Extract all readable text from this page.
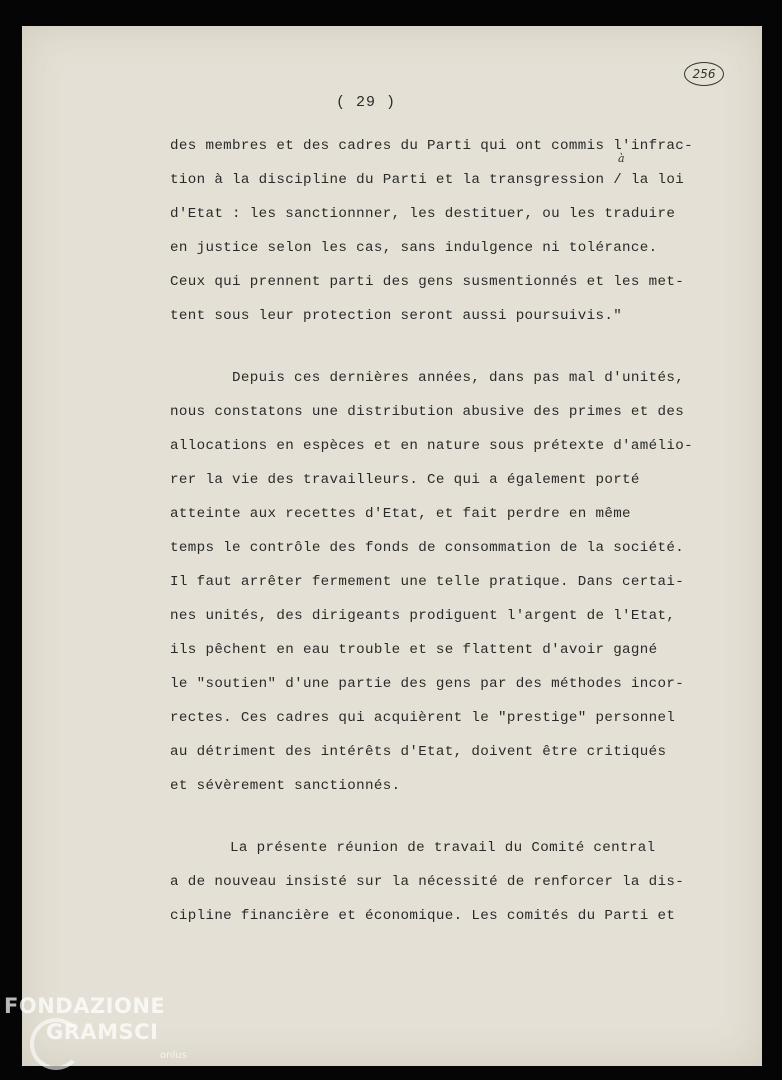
256
( 29 )
à
des membres et des cadres du Parti qui ont commis l'infrac-
tion à la discipline du Parti et la transgression / la loi
d'Etat : les sanctionnner, les destituer, ou les traduire
en justice selon les cas, sans indulgence ni tolérance.
Ceux qui prennent parti des gens susmentionnés et les met-
tent sous leur protection seront aussi poursuivis."
Depuis ces dernières années, dans pas mal d'unités,
nous constatons une distribution abusive des primes et des
allocations en espèces et en nature sous prétexte d'amélio-
rer la vie des travailleurs. Ce qui a également porté
atteinte aux recettes d'Etat, et fait perdre en même
temps le contrôle des fonds de consommation de la société.
Il faut arrêter fermement une telle pratique. Dans certai-
nes unités, des dirigeants prodiguent l'argent de l'Etat,
ils pêchent en eau trouble et se flattent d'avoir gagné
le "soutien" d'une partie des gens par des méthodes incor-
rectes. Ces cadres qui acquièrent le "prestige" personnel
au détriment des intérêts d'Etat, doivent être critiqués
et sévèrement sanctionnés.
La présente réunion de travail du Comité central
a de nouveau insisté sur la nécessité de renforcer la dis-
cipline financière et économique. Les comités du Parti et
FONDAZIONE
GRAMSCI
onlus
